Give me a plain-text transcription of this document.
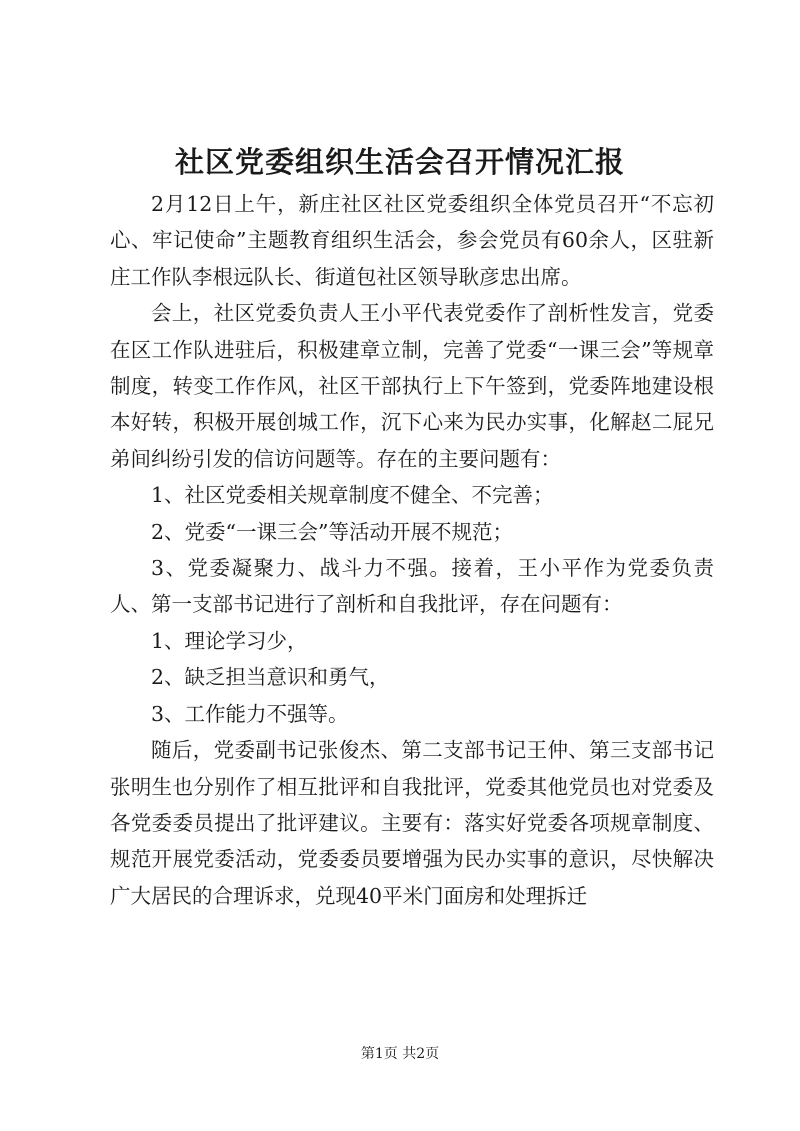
社区党委组织生活会召开情况汇报

2月12日上午，新庄社区社区党委组织全体党员召开“不忘初心、牢记使命”主题教育组织生活会，参会党员有60余人，区驻新庄工作队李根远队长、街道包社区领导耿彦忠出席。

会上，社区党委负责人王小平代表党委作了剖析性发言，党委在区工作队进驻后，积极建章立制，完善了党委“一课三会”等规章制度，转变工作作风，社区干部执行上下午签到，党委阵地建设根本好转，积极开展创城工作，沉下心来为民办实事，化解赵二屁兄弟间纠纷引发的信访问题等。存在的主要问题有：

1、社区党委相关规章制度不健全、不完善；

2、党委“一课三会”等活动开展不规范；

3、党委凝聚力、战斗力不强。接着，王小平作为党委负责人、第一支部书记进行了剖析和自我批评，存在问题有：

1、理论学习少，

2、缺乏担当意识和勇气，

3、工作能力不强等。

随后，党委副书记张俊杰、第二支部书记王仲、第三支部书记张明生也分别作了相互批评和自我批评，党委其他党员也对党委及各党委委员提出了批评建议。主要有：落实好党委各项规章制度、规范开展党委活动，党委委员要增强为民办实事的意识，尽快解决广大居民的合理诉求，兑现40平米门面房和处理拆迁

第1页 共2页
